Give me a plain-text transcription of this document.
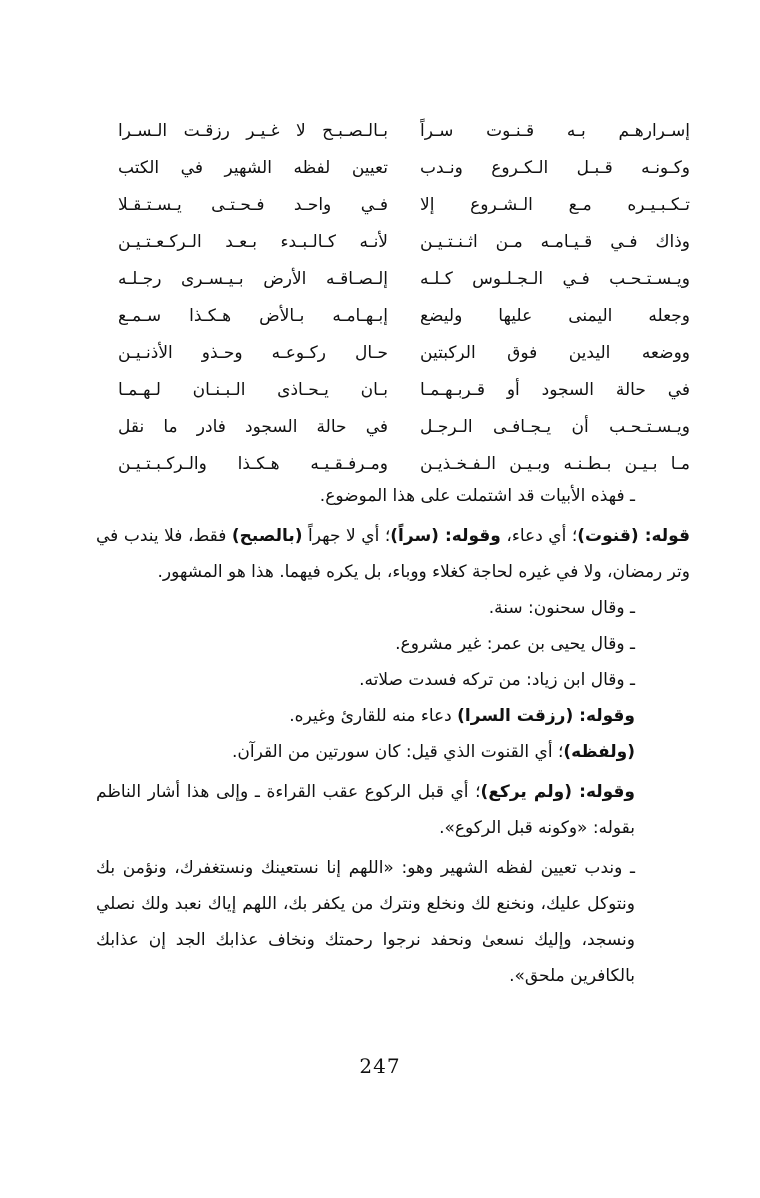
إسـرارهـم بـه قـنـوت سـراً
بـالـصـبـح لا غـيـر رزقـت الـسـرا
وكـونـه قـبـل الـكـروع ونـدب
تعيين لفظه الشهير في الكتب
تـكـبـيـره مـع الـشـروع إلا
فـي واحـد فـحـتـى يـسـتـقـلا
وذاك فـي قـيـامـه مـن اثـنـتـيـن
لأنـه كـالـبـدء بـعـد الـركـعـتـيـن
ويـسـتـحـب فـي الـجـلـوس كـلـه
إلـصـاقـه الأرض بـيـسـرى رجـلـه
وجعله اليمنى عليها وليضع
إبـهـامـه بـالأض هـكـذا سـمـع
ووضعه اليدين فوق الركبتين
حـال ركـوعـه وحـذو الأذنـيـن
في حالة السجود أو قـربـهـمـا
بـان يـحـاذى الـبـنـان لـهـمـا
ويـسـتـحـب أن يـجـافـى الـرجـل
في حالة السجود فادر ما نقل
مـا بـيـن بـطـنـه وبـيـن الـفـخـذيـن
ومـرفـقـيـه هـكـذا والـركـبـتـيـن

ـ فهذه الأبيات قد اشتملت على هذا الموضوع.

قوله: (قنوت)؛ أي دعاء، وقوله: (سراً)؛ أي لا جهراً (بالصبح) فقط، فلا يندب في وتر رمضان، ولا في غيره لحاجة كغلاء ووباء، بل يكره فيهما. هذا هو المشهور.

ـ وقال سحنون: سنة.

ـ وقال يحيى بن عمر: غير مشروع.

ـ وقال ابن زياد: من تركه فسدت صلاته.

وقوله: (رزقت السرا) دعاء منه للقارئ وغيره.

(ولفظه)؛ أي القنوت الذي قيل: كان سورتين من القرآن.

وقوله: (ولم يركع)؛ أي قبل الركوع عقب القراءة ـ وإلى هذا أشار الناظم بقوله: «وكونه قبل الركوع».

ـ وندب تعيين لفظه الشهير وهو: «اللهم إنا نستعينك ونستغفرك، ونؤمن بك ونتوكل عليك، ونخنع لك ونخلع ونترك من يكفر بك، اللهم إياك نعبد ولك نصلي ونسجد، وإليك نسعىٰ ونحفد نرجوا رحمتك ونخاف عذابك الجد إن عذابك بالكافرين ملحق».

247
